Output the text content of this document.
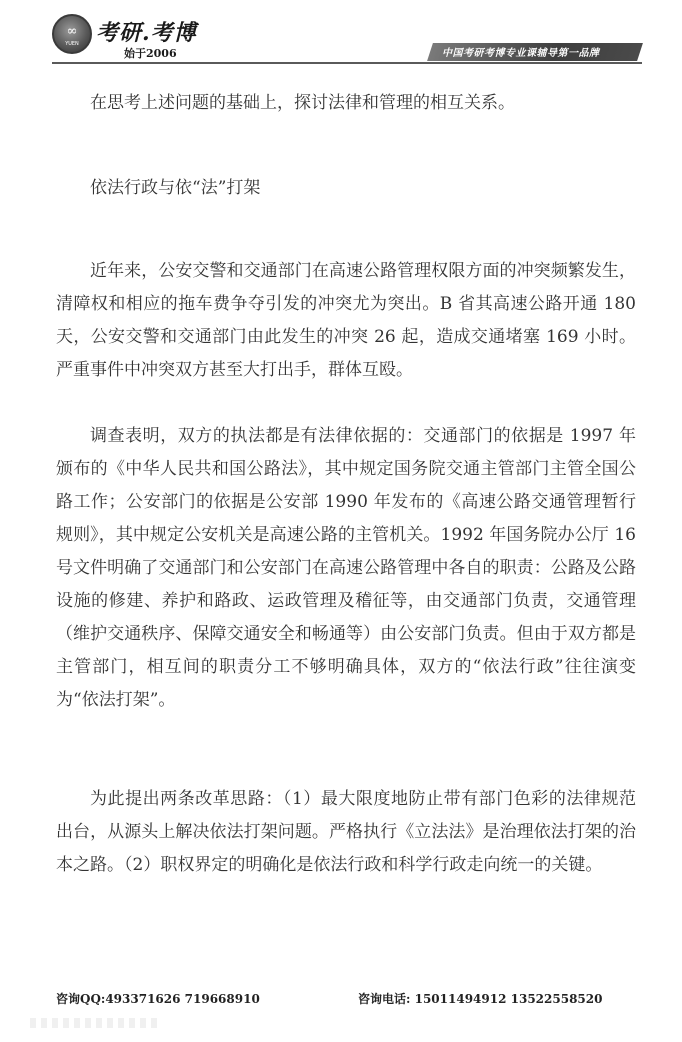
∞
YUEN 考研.考博
始于2006	中国考研考博专业课辅导第一品牌
在思考上述问题的基础上，探讨法律和管理的相互关系。
依法行政与依“法”打架

近年来，公安交警和交通部门在高速公路管理权限方面的冲突频繁发生，清障权和相应的拖车费争夺引发的冲突尤为突出。B 省其高速公路开通 180 天，公安交警和交通部门由此发生的冲突 26 起，造成交通堵塞 169 小时。严重事件中冲突双方甚至大打出手，群体互殴。

调查表明，双方的执法都是有法律依据的：交通部门的依据是 1997 年颁布的《中华人民共和国公路法》，其中规定国务院交通主管部门主管全国公路工作；公安部门的依据是公安部 1990 年发布的《高速公路交通管理暂行规则》，其中规定公安机关是高速公路的主管机关。1992 年国务院办公厅 16 号文件明确了交通部门和公安部门在高速公路管理中各自的职责：公路及公路设施的修建、养护和路政、运政管理及稽征等，由交通部门负责，交通管理（维护交通秩序、保障交通安全和畅通等）由公安部门负责。但由于双方都是主管部门，相互间的职责分工不够明确具体，双方的“依法行政”往往演变为“依法打架”。

为此提出两条改革思路：（1）最大限度地防止带有部门色彩的法律规范出台，从源头上解决依法打架问题。严格执行《立法法》是治理依法打架的治本之路。（2）职权界定的明确化是依法行政和科学行政走向统一的关键。

咨询QQ:493371626 719668910	咨询电话: 15011494912 13522558520
